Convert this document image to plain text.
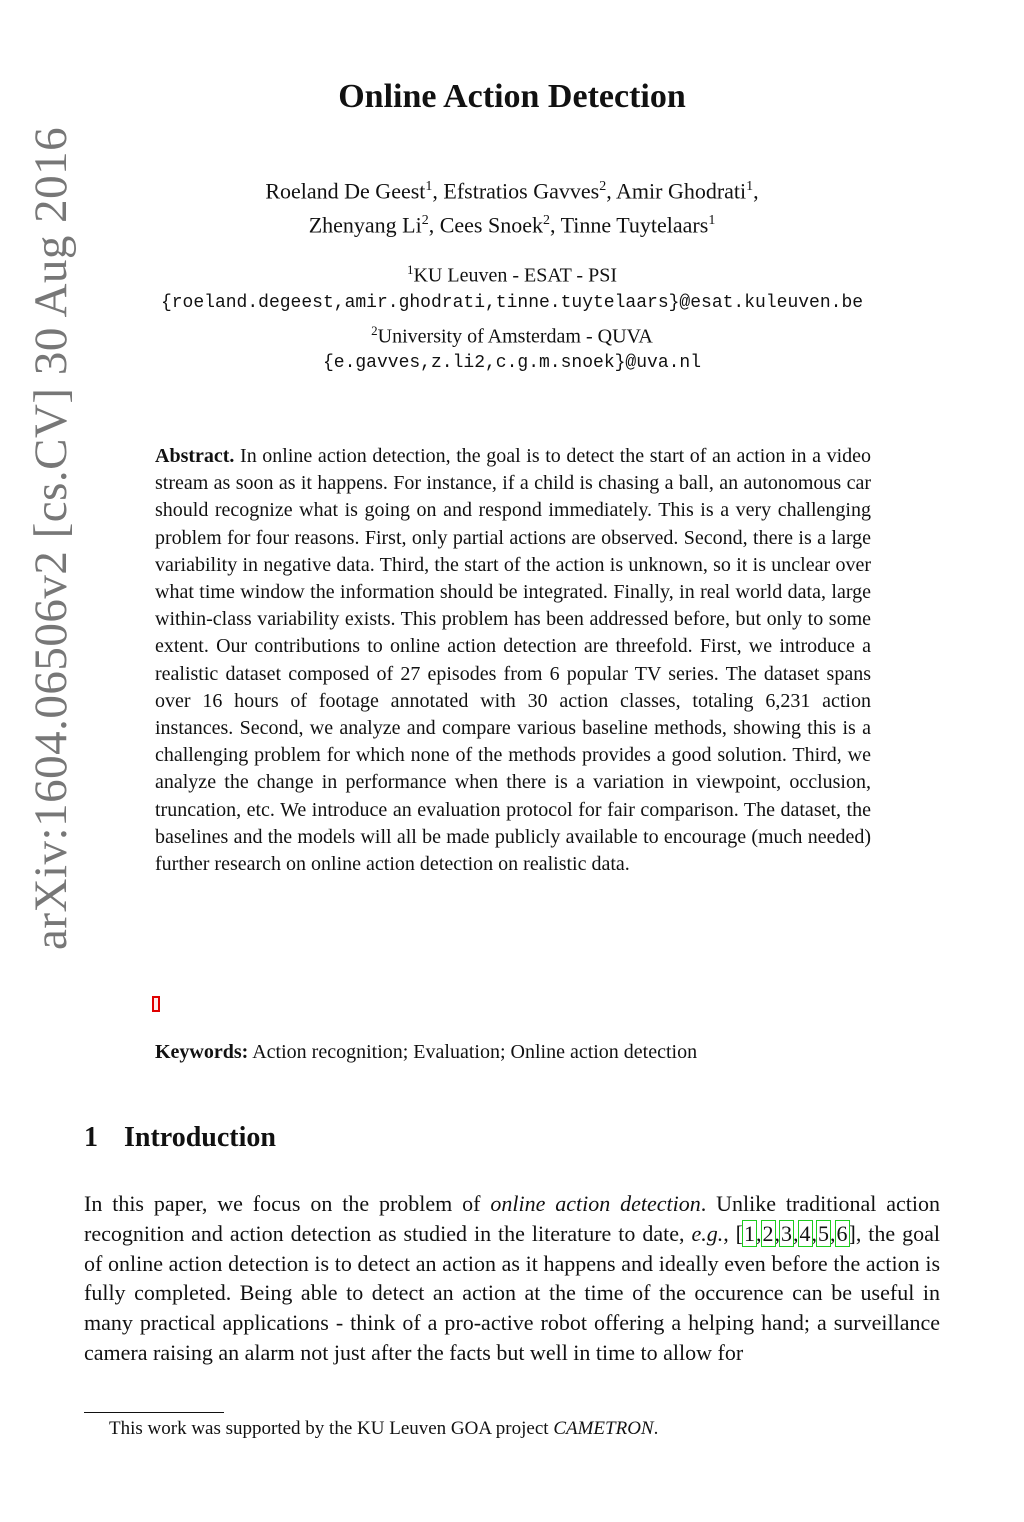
arXiv:1604.06506v2 [cs.CV] 30 Aug 2016
Online Action Detection
Roeland De Geest$^1$, Efstratios Gavves$^2$, Amir Ghodrati$^1$,
Zhenyang Li$^2$, Cees Snoek$^2$, Tinne Tuytelaars$^1$
$^1$KU Leuven - ESAT - PSI
{roeland.degeest,amir.ghodrati,tinne.tuytelaars}@esat.kuleuven.be
$^2$University of Amsterdam - QUVA
{e.gavves,z.li2,c.g.m.snoek}@uva.nl
Abstract. In online action detection, the goal is to detect the start of an action in a video stream as soon as it happens. For instance, if a child is chasing a ball, an autonomous car should recognize what is going on and respond immediately. This is a very challenging problem for four reasons. First, only partial actions are observed. Second, there is a large variability in negative data. Third, the start of the action is unknown, so it is unclear over what time window the information should be integrated. Finally, in real world data, large within-class variability exists. This problem has been addressed before, but only to some extent. Our contributions to online action detection are threefold. First, we introduce a realistic dataset composed of 27 episodes from 6 popular TV series. The dataset spans over 16 hours of footage annotated with 30 action classes, totaling 6,231 action instances. Second, we analyze and compare various baseline methods, showing this is a challenging problem for which none of the methods provides a good solution. Third, we analyze the change in performance when there is a variation in viewpoint, occlusion, truncation, etc. We introduce an evaluation protocol for fair comparison. The dataset, the baselines and the models will all be made publicly available to encourage (much needed) further research on online action detection on realistic data.
Keywords: Action recognition; Evaluation; Online action detection
1 Introduction
In this paper, we focus on the problem of online action detection. Unlike traditional action recognition and action detection as studied in the literature to date, e.g., [1,2,3,4,5,6], the goal of online action detection is to detect an action as it happens and ideally even before the action is fully completed. Being able to detect an action at the time of the occurence can be useful in many practical applications - think of a pro-active robot offering a helping hand; a surveillance camera raising an alarm not just after the facts but well in time to allow for
This work was supported by the KU Leuven GOA project CAMETRON.
